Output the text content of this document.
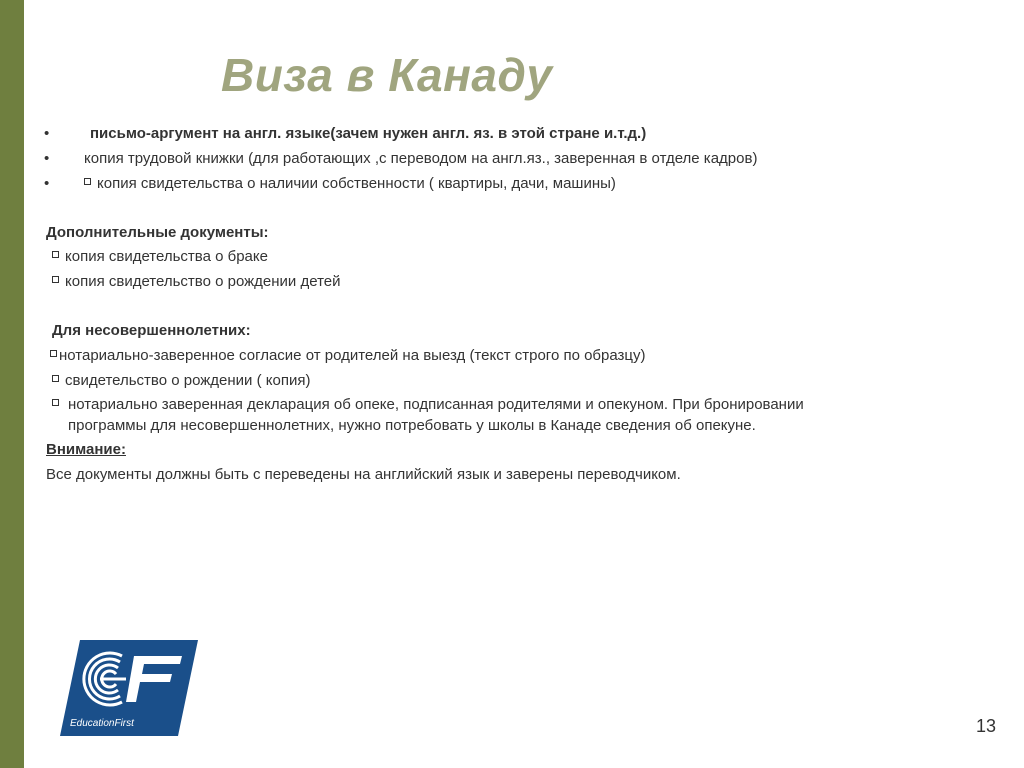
Виза в Канаду
•	письмо-аргумент на англ. языке(зачем нужен англ. яз. в этой стране и.т.д.)
• копия трудовой книжки (для работающих ,с переводом на англ.яз., заверенная в отделе кадров)
•	копия свидетельства о наличии собственности ( квартиры, дачи, машины)
Дополнительные документы:
копия свидетельства о браке
копия свидетельство о рождении детей
Для несовершеннолетних:
нотариально-заверенное согласие от родителей на выезд (текст строго по образцу)
свидетельство о рождении ( копия)
нотариально заверенная декларация об опеке, подписанная родителями и опекуном. При бронировании
программы для несовершеннолетних, нужно потребовать у школы в Канаде сведения об опекуне.
Внимание:
Все документы должны быть с переведены на английский язык и заверены переводчиком.
EducationFirst	13
